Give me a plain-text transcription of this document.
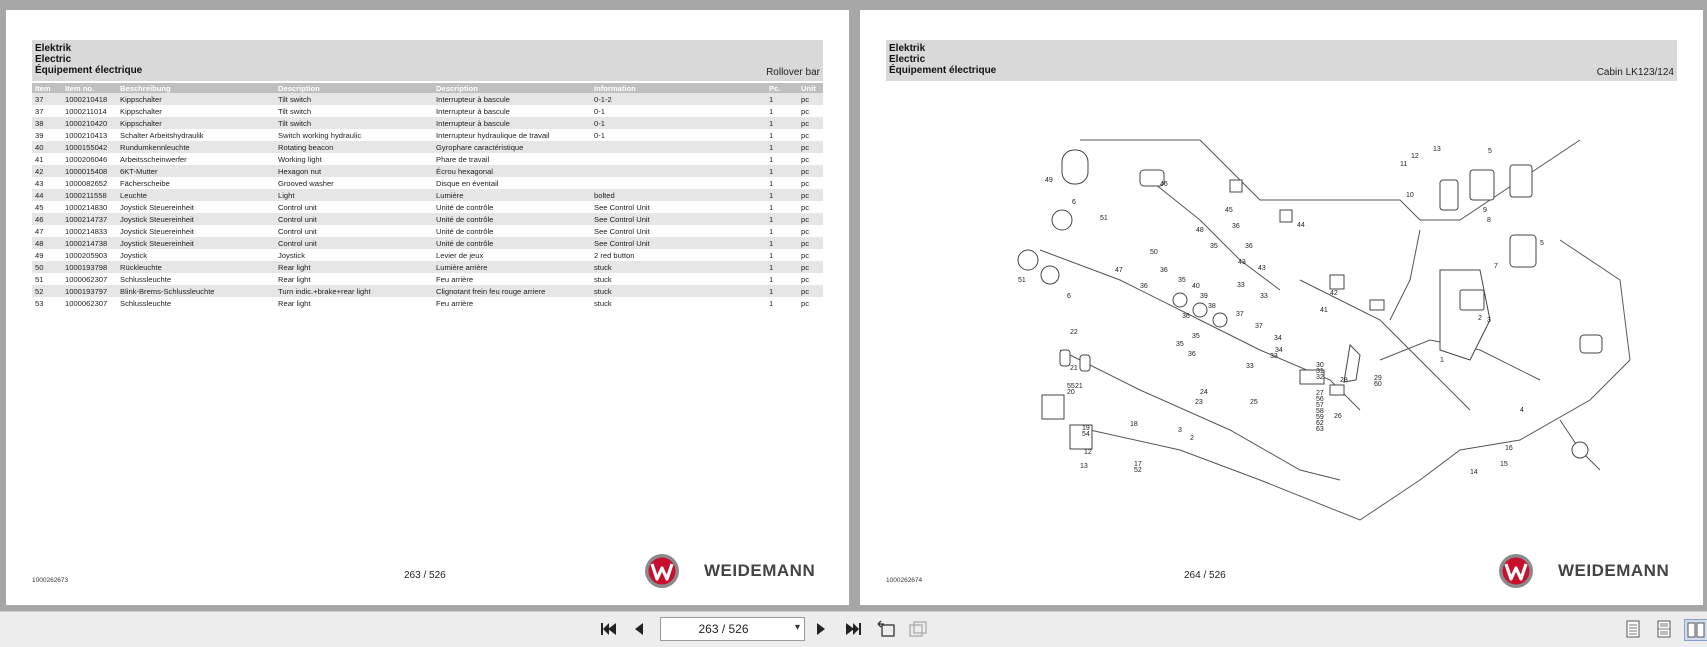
Elektrik
Electric
Équipement électrique	Rollover bar
Item	Item no.	Beschreibung	Description	Description	Information	Pc.	Unit
37	1000210418	Kippschalter	Tilt switch	Interrupteur à bascule	0-1-2	1	pc
37	1000211014	Kippschalter	Tilt switch	Interrupteur à bascule	0-1	1	pc
38	1000210420	Kippschalter	Tilt switch	Interrupteur à bascule	0-1	1	pc
39	1000210413	Schalter Arbeitshydraulik	Switch working hydraulic	Interrupteur hydraulique de travail	0-1	1	pc
40	1000155042	Rundumkennleuchte	Rotating beacon	Gyrophare caractéristique		1	pc
41	1000206046	Arbeitsscheinwerfer	Working light	Phare de travail		1	pc
42	1000015408	6KT-Mutter	Hexagon nut	Écrou hexagonal		1	pc
43	1000082652	Fächerscheibe	Grooved washer	Disque en éventail		1	pc
44	1000211558	Leuchte	Light	Lumière	bolted	1	pc
45	1000214830	Joystick Steuereinheit	Control unit	Unité de contrôle	See Control Unit	1	pc
46	1000214737	Joystick Steuereinheit	Control unit	Unité de contrôle	See Control Unit	1	pc
47	1000214833	Joystick Steuereinheit	Control unit	Unité de contrôle	See Control Unit	1	pc
48	1000214738	Joystick Steuereinheit	Control unit	Unité de contrôle	See Control Unit	1	pc
49	1000205903	Joystick	Joystick	Levier de jeux	2 red button	1	pc
50	1000193798	Rückleuchte	Rear light	Lumière arrière	stuck	1	pc
51	1000062307	Schlussleuchte	Rear light	Feu arrière	stuck	1	pc
52	1000193797	Blink-Brems-Schlussleuchte	Turn indic.+brake+rear light	Clignotant frein feu rouge arriere	stuck	1	pc
53	1000062307	Schlussleuchte	Rear light	Feu arrière	stuck	1	pc
263 / 526
1000262673
WEIDEMANN
Elektrik
Electric
Équipement électrique	Cabin LK123/124
49
46
6
51
45
36
35	36
44
48
50
47	36
35
36
6
51
33
43
43
33	42
41
40
39
38
37
37
34
34
33
33
36
35
35
36
22
21
21
55
20
19
54
12
13
18
17
52
24
23
3
2
25
30
31
32
27
56
57
58
59
62
63
28
26
29
60
1
13
12
11
5
10
8
9
7
5
2 3
4
16
15
14
264 / 526
1000262674
WEIDEMANN
263 / 526	▾
